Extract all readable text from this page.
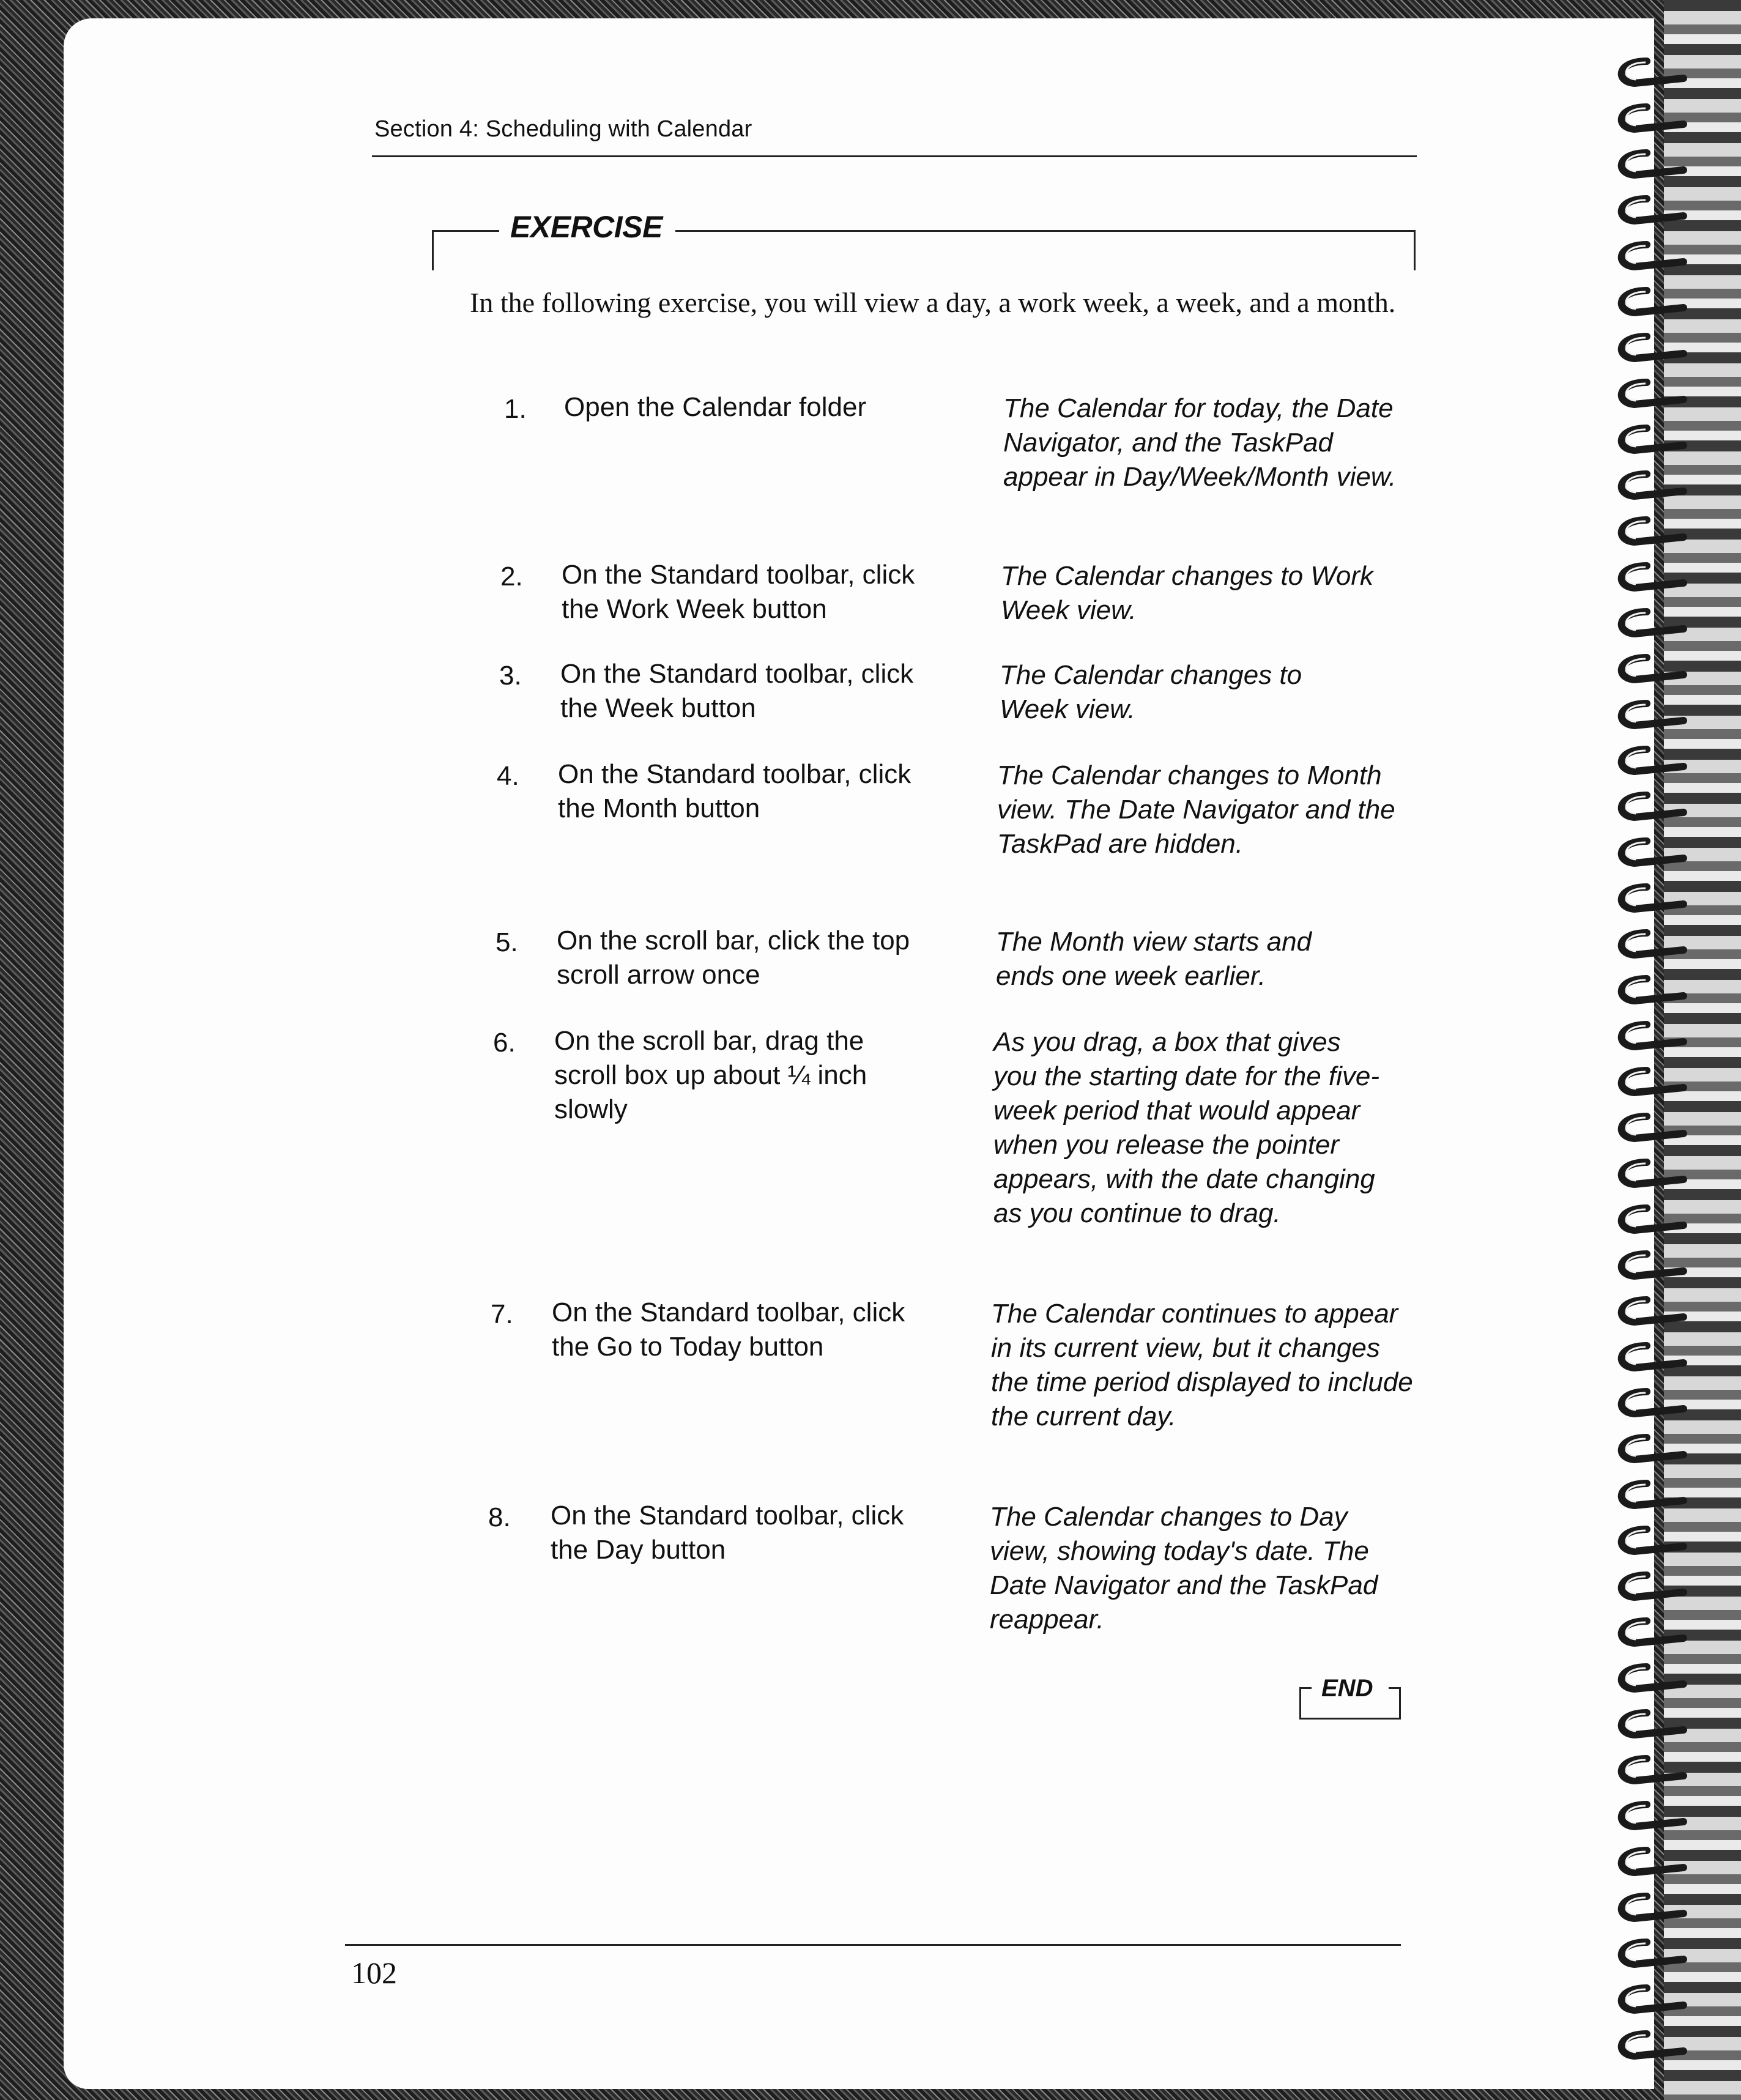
Section 4: Scheduling with Calendar
EXERCISE
In the following exercise, you will view a day, a work week, a week, and a month.
1. Open the Calendar folder	The Calendar for today, the Date Navigator, and the TaskPad appear in Day/Week/Month view.
2. On the Standard toolbar, click the Work Week button
The Calendar changes to Work Week view.
3. On the Standard toolbar, click the Week button
The Calendar changes to Week view.
4. On the Standard toolbar, click the Month button
The Calendar changes to Month view. The Date Navigator and the TaskPad are hidden.
5. On the scroll bar, click the top scroll arrow once
The Month view starts and ends one week earlier.
6. On the scroll bar, drag the scroll box up about ¼ inch slowly
As you drag, a box that gives you the starting date for the five-week period that would appear when you release the pointer appears, with the date changing as you continue to drag.
7. On the Standard toolbar, click the Go to Today button
The Calendar continues to appear in its current view, but it changes the time period displayed to include the current day.
8. On the Standard toolbar, click the Day button
The Calendar changes to Day view, showing today's date. The Date Navigator and the TaskPad reappear.
END
102
